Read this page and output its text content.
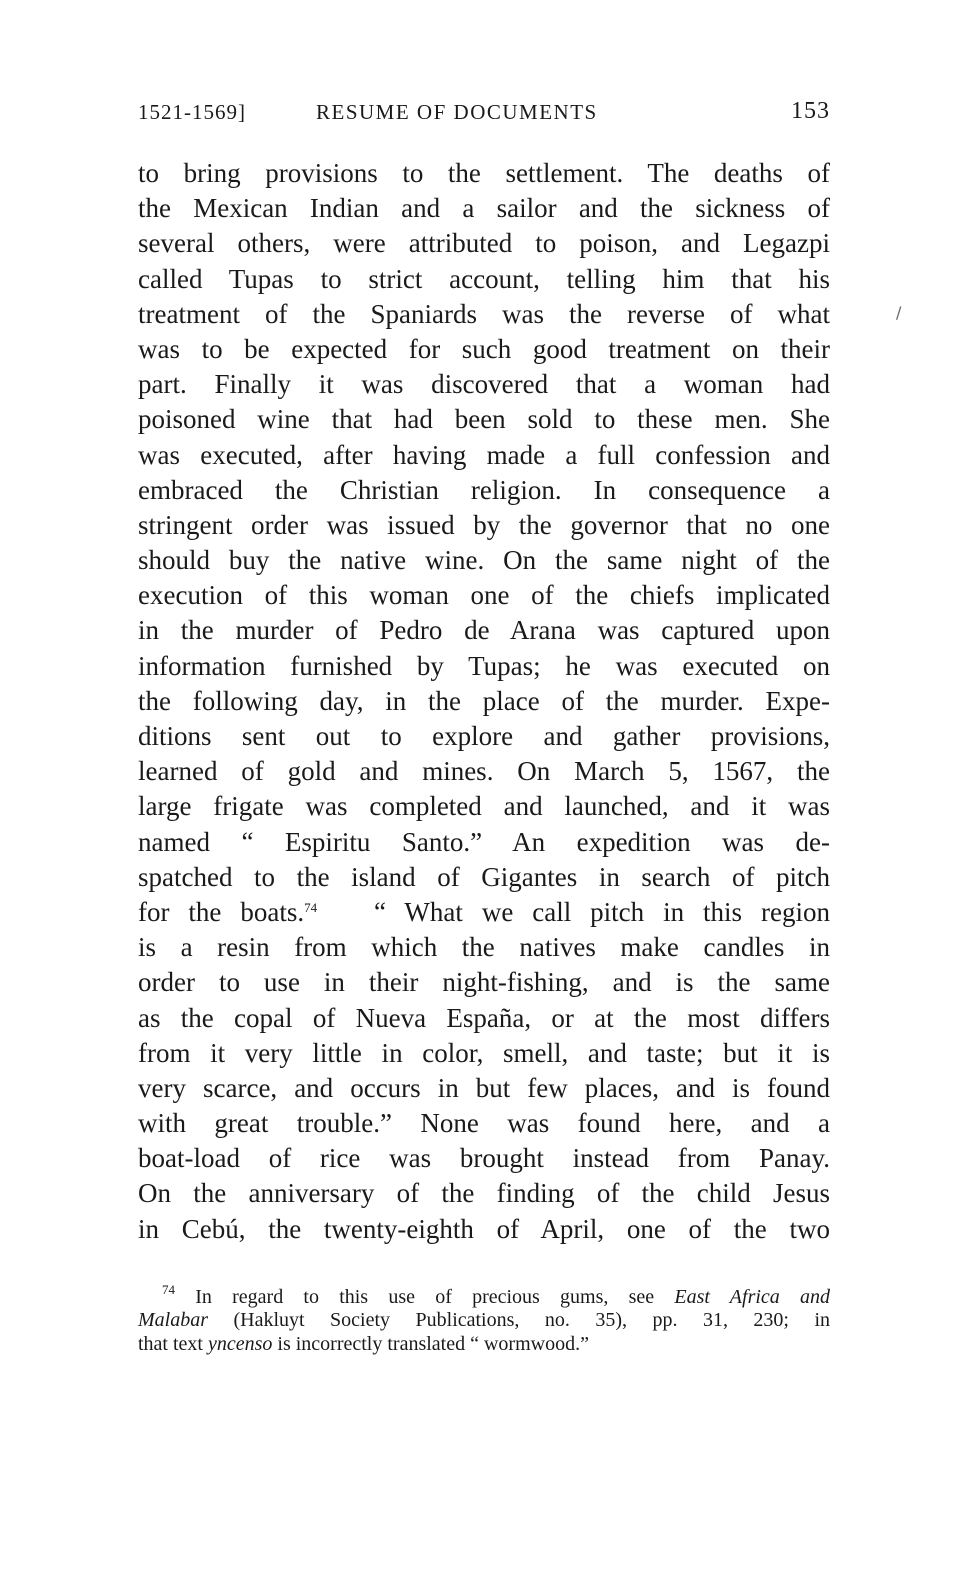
1521-1569]	RESUME OF DOCUMENTS	153
to bring provisions to the settlement. The deaths of
the Mexican Indian and a sailor and the sickness of
several others, were attributed to poison, and Legazpi
called Tupas to strict account, telling him that his
treatment of the Spaniards was the reverse of what
was to be expected for such good treatment on their
part. Finally it was discovered that a woman had
poisoned wine that had been sold to these men. She
was executed, after having made a full confession and
embraced the Christian religion. In consequence a
stringent order was issued by the governor that no one
should buy the native wine. On the same night of the
execution of this woman one of the chiefs implicated
in the murder of Pedro de Arana was captured upon
information furnished by Tupas; he was executed on
the following day, in the place of the murder. Expe-
ditions sent out to explore and gather provisions,
learned of gold and mines. On March 5, 1567, the
large frigate was completed and launched, and it was
named “ Espiritu Santo.” An expedition was de-
spatched to the island of Gigantes in search of pitch
for the boats.$^{74}$ “ What we call pitch in this region
is a resin from which the natives make candles in
order to use in their night-fishing, and is the same
as the copal of Nueva España, or at the most differs
from it very little in color, smell, and taste; but it is
very scarce, and occurs in but few places, and is found
with great trouble.” None was found here, and a
boat-load of rice was brought instead from Panay.
On the anniversary of the finding of the child Jesus
in Cebú, the twenty-eighth of April, one of the two
$^{74}$ In regard to this use of precious gums, see East Africa and
Malabar (Hakluyt Society Publications, no. 35), pp. 31, 230; in
that text yncenso is incorrectly translated “ wormwood.”
/
